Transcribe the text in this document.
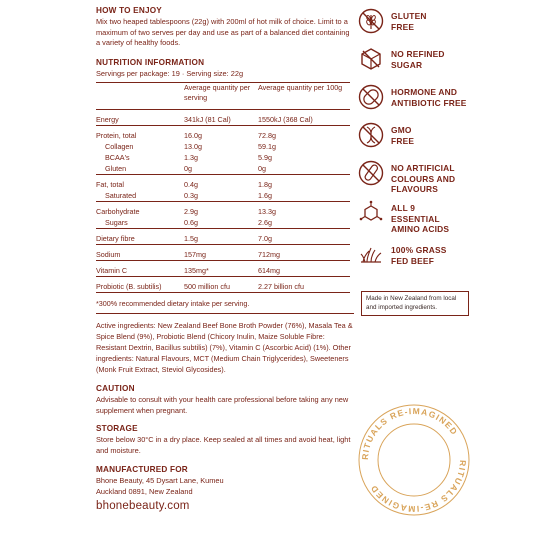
HOW TO ENJOY

Mix two heaped tablespoons (22g) with 200ml of hot milk of choice. Limit to a maximum of two serves per day and use as part of a balanced diet containing a variety of healthy foods.

NUTRITION INFORMATION
Servings per package: 19 · Serving size: 22g
	Average quantity per serving	Average quantity per 100g

Energy	341kJ (81 Cal)	1550kJ (368 Cal)

Protein, total	16.0g	72.8g
Collagen	13.0g	59.1g
BCAA's	1.3g	5.9g
Gluten	0g	0g

Fat, total	0.4g	1.8g
Saturated	0.3g	1.6g

Carbohydrate	2.9g	13.3g
Sugars	0.6g	2.6g

Dietary fibre	1.5g	7.0g

Sodium	157mg	712mg

Vitamin C	135mg*	614mg

Probiotic (B. subtilis)	500 million cfu	2.27 billion cfu
*300% recommended dietary intake per serving.

Active ingredients: New Zealand Beef Bone Broth Powder (76%), Masala Tea & Spice Blend (9%), Probiotic Blend (Chicory Inulin, Maize Soluble Fibre: Resistant Dextrin, Bacillus subtilis) (7%), Vitamin C (Ascorbic Acid) (1%). Other ingredients: Natural Flavours, MCT (Medium Chain Triglycerides), Sweeteners (Monk Fruit Extract, Steviol Glycosides).

CAUTION

Advisable to consult with your health care professional before taking any new supplement when pregnant.

STORAGE

Store below 30°C in a dry place. Keep sealed at all times and avoid heat, light and moisture.

MANUFACTURED FOR

Bhone Beauty, 45 Dysart Lane, Kumeu

Auckland 0891, New Zealand

bhonebeauty.com
GLUTEN
FREE
NO REFINED
SUGAR
HORMONE AND
ANTIBIOTIC FREE
GMO
FREE
NO ARTIFICIAL
COLOURS AND
FLAVOURS
ALL 9
ESSENTIAL
AMINO ACIDS
100% GRASS
FED BEEF
Made in New Zealand from local and imported ingredients.
RITUALS RE-IMAGINED
RITUALS RE-IMAGINED
